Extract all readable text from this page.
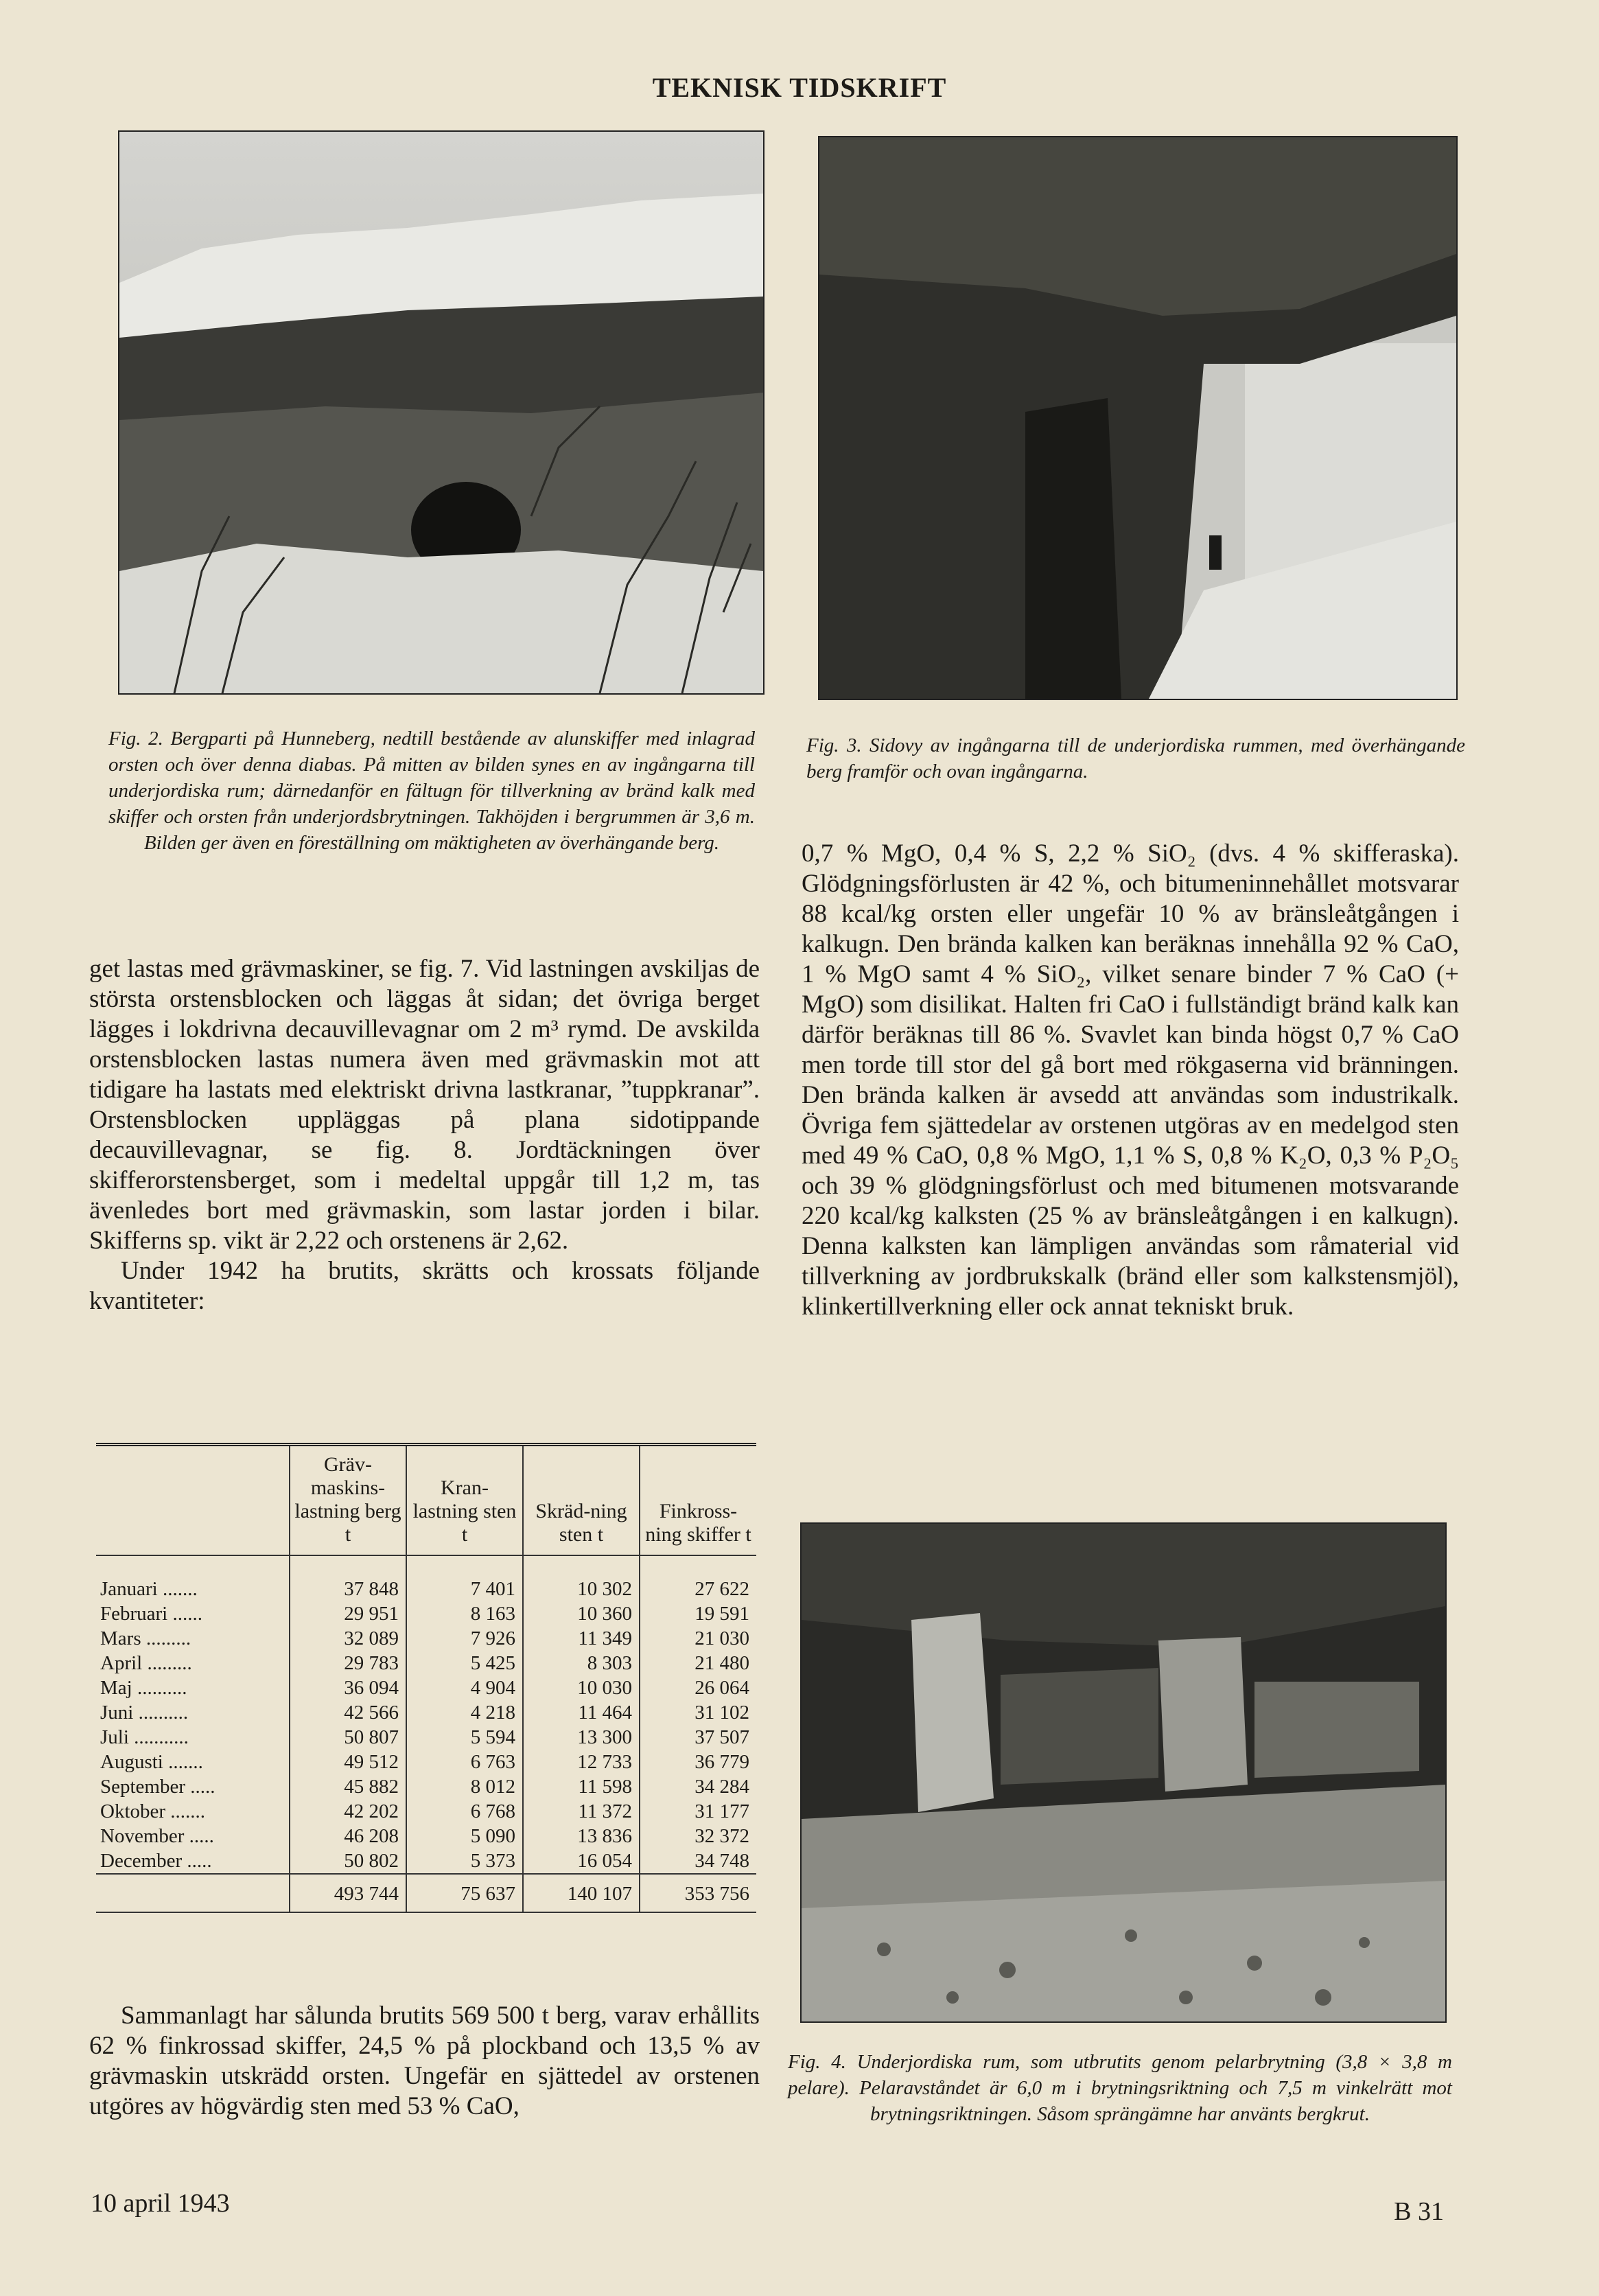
TEKNISK TIDSKRIFT
Fig. 2. Bergparti på Hunneberg, nedtill bestående av alunskiffer med inlagrad orsten och över denna diabas. På mitten av bilden synes en av ingångarna till underjordiska rum; därnedanför en fältugn för tillverkning av bränd kalk med skiffer och orsten från underjordsbrytningen. Takhöjden i bergrummen är 3,6 m. Bilden ger även en föreställning om mäktigheten av överhängande berg.
Fig. 3. Sidovy av ingångarna till de underjordiska rummen, med överhängande berg framför och ovan ingångarna.

get lastas med grävmaskiner, se fig. 7. Vid lastningen avskiljas de största orstensblocken och läggas åt sidan; det övriga berget lägges i lokdrivna decauvillevagnar om 2 m³ rymd. De avskilda orstensblocken lastas numera även med grävmaskin mot att tidigare ha lastats med elektriskt drivna lastkranar, ”tuppkranar”. Orstensblocken uppläggas på plana sidotippande decauvillevagnar, se fig. 8. Jordtäckningen över skifferorstensberget, som i medeltal uppgår till 1,2 m, tas ävenledes bort med grävmaskin, som lastar jorden i bilar. Skifferns sp. vikt är 2,22 och orstenens är 2,62.

Under 1942 ha brutits, skrätts och krossats följande kvantiteter:

	Gräv-maskins-lastning berg t	Kran-lastning sten t	Skräd-ning sten t	Finkross-ning skiffer t
Januari .......	37 848	7 401	10 302	27 622
Februari ......	29 951	8 163	10 360	19 591
Mars .........	32 089	7 926	11 349	21 030
April .........	29 783	5 425	8 303	21 480
Maj ..........	36 094	4 904	10 030	26 064
Juni ..........	42 566	4 218	11 464	31 102
Juli ...........	50 807	5 594	13 300	37 507
Augusti .......	49 512	6 763	12 733	36 779
September .....	45 882	8 012	11 598	34 284
Oktober .......	42 202	6 768	11 372	31 177
November .....	46 208	5 090	13 836	32 372
December .....	50 802	5 373	16 054	34 748
	493 744	75 637	140 107	353 756

Sammanlagt har sålunda brutits 569 500 t berg, varav erhållits 62 % finkrossad skiffer, 24,5 % på plockband och 13,5 % av grävmaskin utskrädd orsten. Ungefär en sjättedel av orstenen utgöres av högvärdig sten med 53 % CaO,

0,7 % MgO, 0,4 % S, 2,2 % SiO₂ (dvs. 4 % skifferaska). Glödgningsförlusten är 42 %, och bitumeninnehållet motsvarar 88 kcal/kg orsten eller ungefär 10 % av bränsleåtgången i kalkugn. Den brända kalken kan beräknas innehålla 92 % CaO, 1 % MgO samt 4 % SiO₂, vilket senare binder 7 % CaO (+ MgO) som disilikat. Halten fri CaO i fullständigt bränd kalk kan därför beräknas till 86 %. Svavlet kan binda högst 0,7 % CaO men torde till stor del gå bort med rökgaserna vid bränningen. Den brända kalken är avsedd att användas som industrikalk. Övriga fem sjättedelar av orstenen utgöras av en medelgod sten med 49 % CaO, 0,8 % MgO, 1,1 % S, 0,8 % K₂O, 0,3 % P₂O₅ och 39 % glödgningsförlust och med bitumenen motsvarande 220 kcal/kg kalksten (25 % av bränsleåtgången i en kalkugn). Denna kalksten kan lämpligen användas som råmaterial vid tillverkning av jordbrukskalk (bränd eller som kalkstensmjöl), klinkertillverkning eller ock annat tekniskt bruk.

Fig. 4. Underjordiska rum, som utbrutits genom pelarbrytning (3,8 × 3,8 m pelare). Pelaravståndet är 6,0 m i brytningsriktning och 7,5 m vinkelrätt mot brytningsriktningen. Såsom sprängämne har använts bergkrut.
10 april 1943	B 31
